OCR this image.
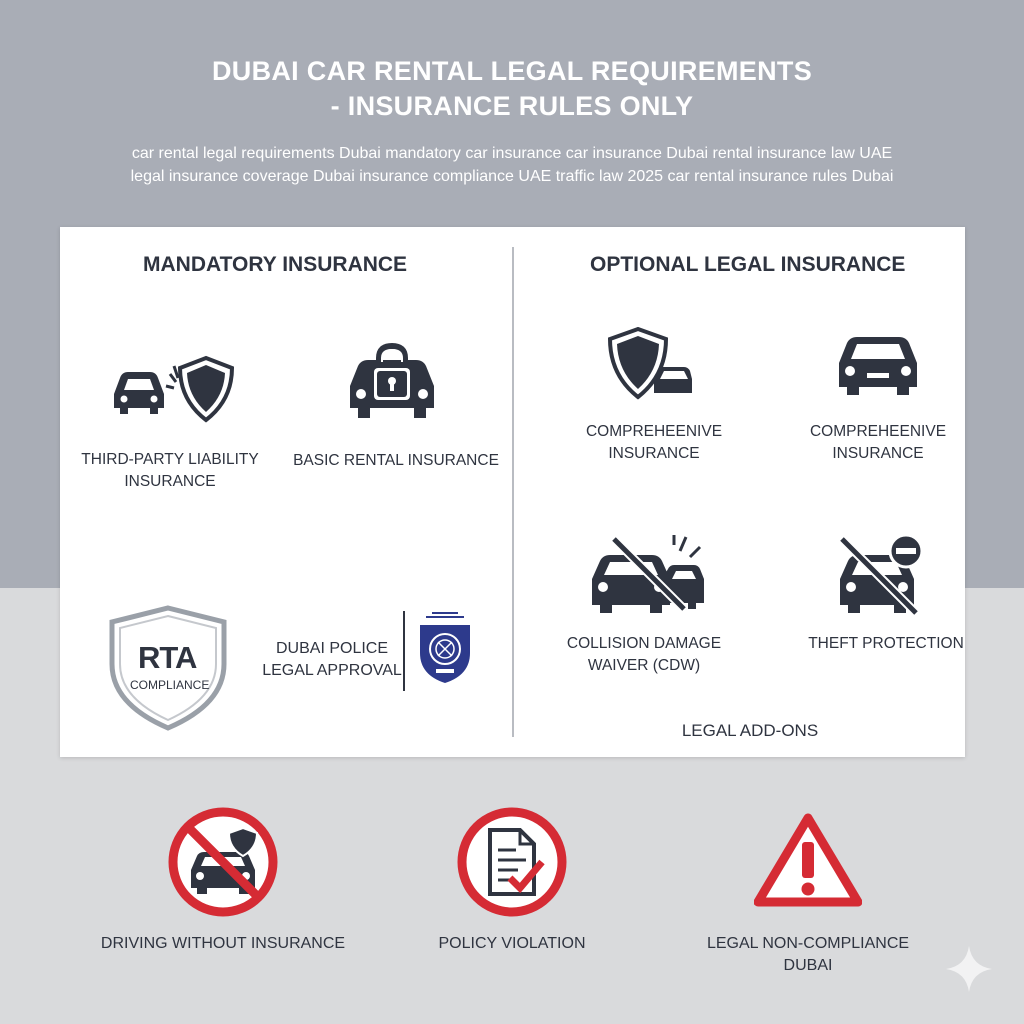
DUBAI CAR RENTAL LEGAL REQUIREMENTS
- INSURANCE RULES ONLY
car rental legal requirements Dubai mandatory car insurance car insurance Dubai rental insurance law UAE
legal insurance coverage Dubai insurance compliance UAE traffic law 2025 car rental insurance rules Dubai
MANDATORY INSURANCE
THIRD-PARTY LIABILITY
INSURANCE
BASIC RENTAL INSURANCE
RTA
COMPLIANCE
DUBAI POLICE
LEGAL APPROVAL
OPTIONAL LEGAL INSURANCE
COMPREHEENIVE
INSURANCE
COMPREHEENIVE
INSURANCE
COLLISION DAMAGE
WAIVER (CDW)
THEFT PROTECTION
LEGAL ADD-ONS
DRIVING WITHOUT INSURANCE	POLICY VIOLATION	LEGAL NON-COMPLIANCE
DUBAI
